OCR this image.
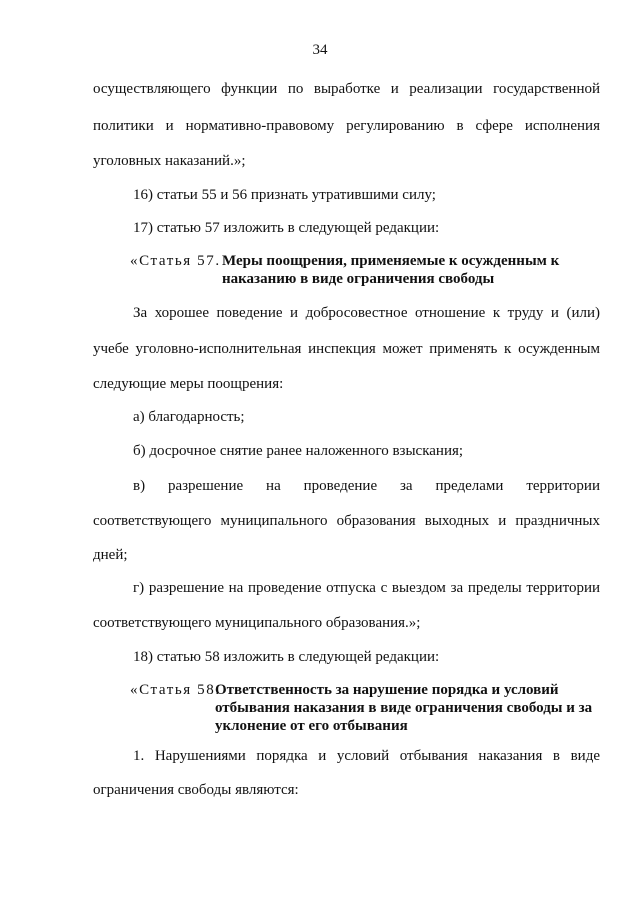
34
осуществляющего функции по выработке и реализации государственной
политики и нормативно-правовому регулированию в сфере исполнения
уголовных наказаний.»;
16) статьи 55 и 56 признать утратившими силу;
17) статью 57 изложить в следующей редакции:
«Статья 57. Меры поощрения, применяемые к осужденным к
наказанию в виде ограничения свободы
За хорошее поведение и добросовестное отношение к труду и (или)
учебе уголовно-исполнительная инспекция может применять к осужденным
следующие меры поощрения:
а) благодарность;
б) досрочное снятие ранее наложенного взыскания;
в) разрешение на проведение за пределами территории
соответствующего муниципального образования выходных и праздничных
дней;
г) разрешение на проведение отпуска с выездом за пределы территории
соответствующего муниципального образования.»;
18) статью 58 изложить в следующей редакции:
«Статья 58.
Ответственность за нарушение порядка и условий
отбывания наказания в виде ограничения свободы и за
уклонение от его отбывания
1. Нарушениями порядка и условий отбывания наказания в виде
ограничения свободы являются:
